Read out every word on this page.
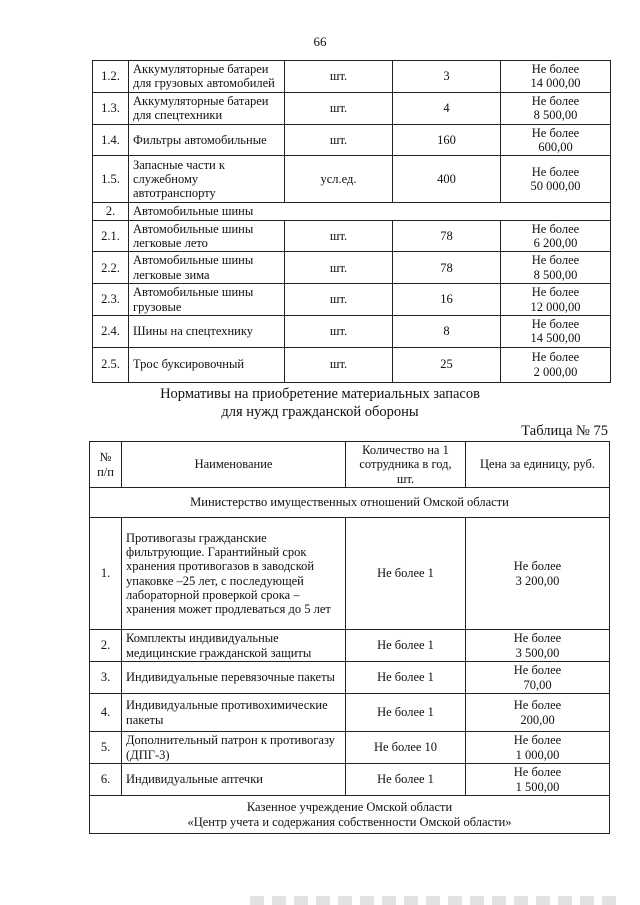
66
1.2.	Аккумуляторные батареи для грузовых автомобилей	шт.	3	Не более
14 000,00

1.3.	Аккумуляторные батареи для спецтехники	шт.	4	Не более
8 500,00

1.4.	Фильтры автомобильные	шт.	160	Не более
600,00

1.5.	Запасные части к служебному автотранспорту	усл.ед.	400	Не более
50 000,00

2.	Автомобильные шины			
2.1.	Автомобильные шины легковые лето	шт.	78	Не более
6 200,00

2.2.	Автомобильные шины легковые зима	шт.	78	Не более
8 500,00

2.3.	Автомобильные шины грузовые	шт.	16	Не более
12 000,00

2.4.	Шины на спецтехнику	шт.	8	Не более
14 500,00

2.5.	Трос буксировочный	шт.	25	Не более
2 000,00
Нормативы на приобретение материальных запасов
для нужд гражданской обороны
Таблица № 75
№ п/п	Наименование	Количество на 1 сотрудника в год, шт.	Цена за единицу, руб.
Министерство имущественных отношений Омской области			
1.	Противогазы гражданские фильтрующие. Гарантийный срок хранения противогазов в заводской упаковке –25 лет, с последующей лабораторной проверкой срока – хранения может продлеваться до 5 лет	Не более 1	Не более
3 200,00

2.	Комплекты индивидуальные медицинские гражданской защиты	Не более 1	Не более
3 500,00

3.	Индивидуальные перевязочные пакеты	Не более 1	Не более
70,00

4.	Индивидуальные противохимические пакеты	Не более 1	Не более
200,00

5.	Дополнительный патрон к противогазу (ДПГ-3)	Не более 10	Не более
1 000,00

6.	Индивидуальные аптечки	Не более 1	Не более
1 500,00

Казенное учреждение Омской области
«Центр учета и содержания собственности Омской области»			
